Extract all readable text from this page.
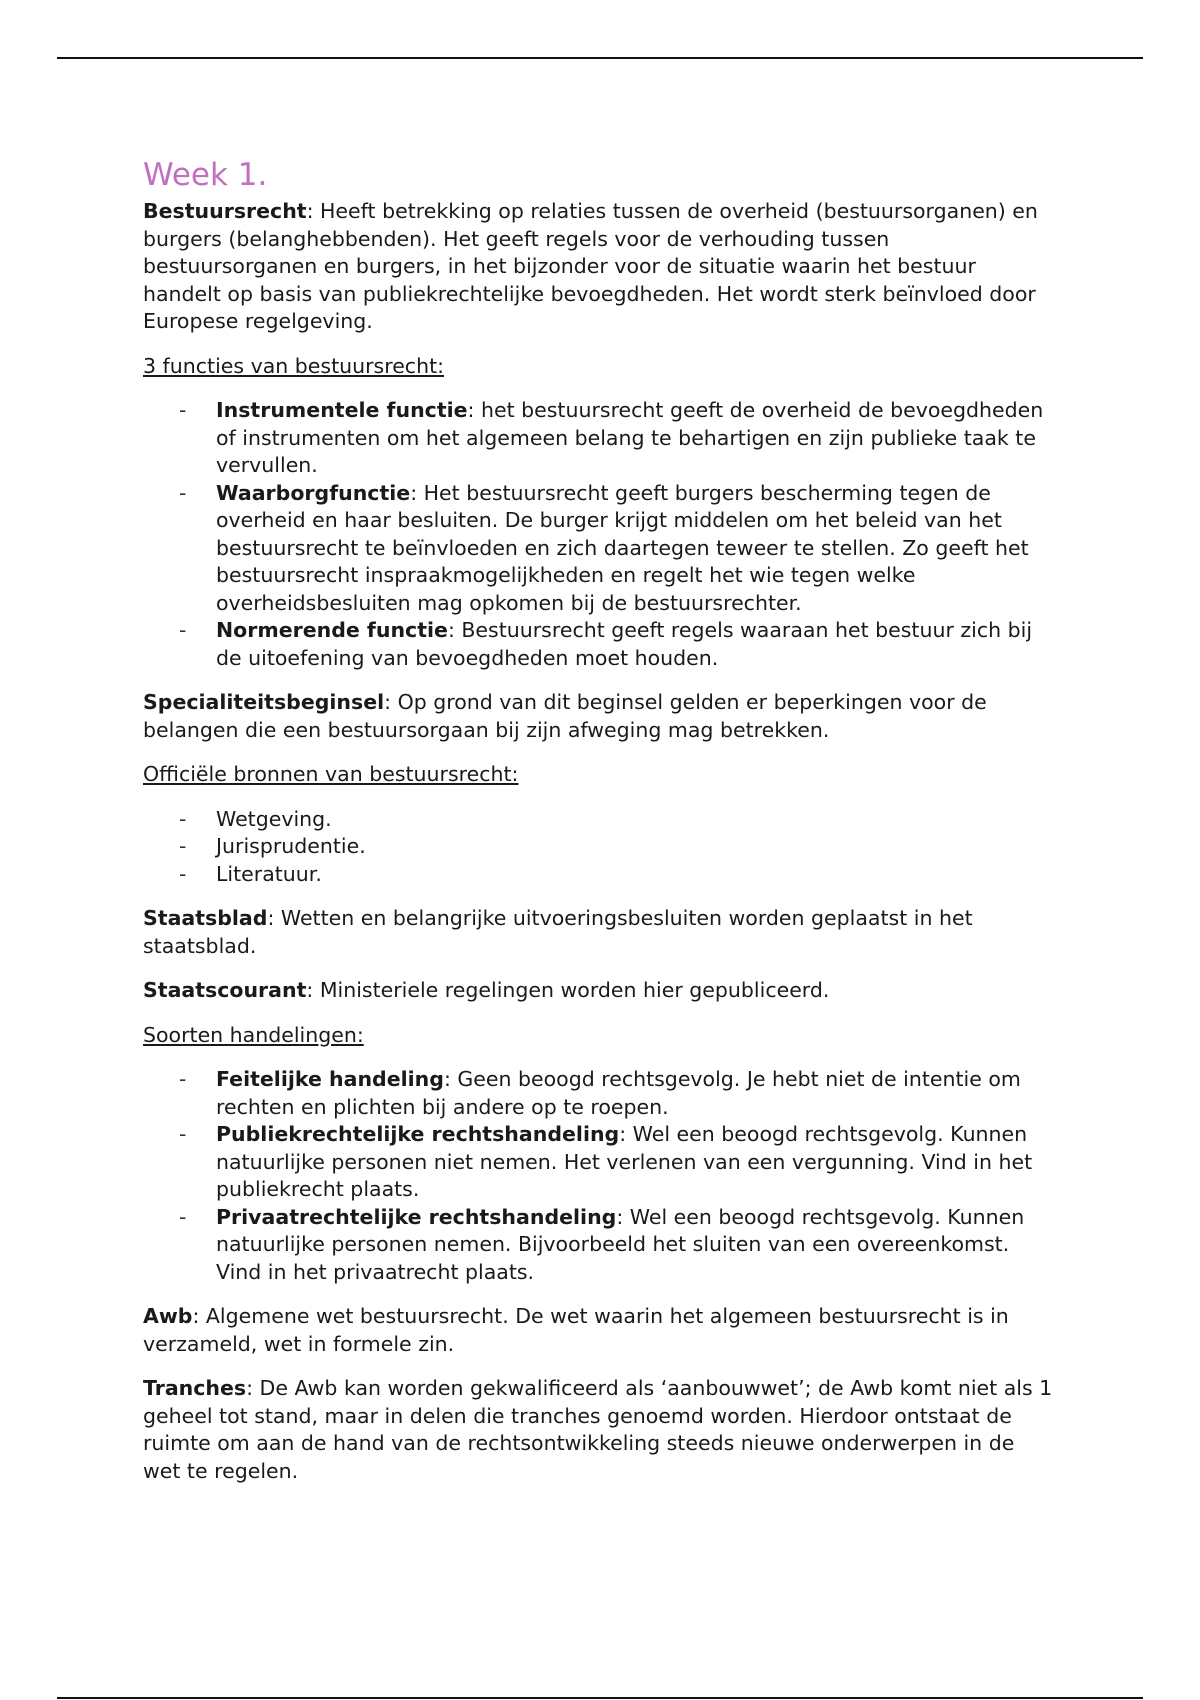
Week 1.

Bestuursrecht: Heeft betrekking op relaties tussen de overheid (bestuursorganen) en burgers (belanghebbenden). Het geeft regels voor de verhouding tussen bestuursorganen en burgers, in het bijzonder voor de situatie waarin het bestuur handelt op basis van publiekrechtelijke bevoegdheden. Het wordt sterk beïnvloed door Europese regelgeving.

3 functies van bestuursrecht:
- Instrumentele functie: het bestuursrecht geeft de overheid de bevoegdheden of instrumenten om het algemeen belang te behartigen en zijn publieke taak te vervullen.
- Waarborgfunctie: Het bestuursrecht geeft burgers bescherming tegen de overheid en haar besluiten. De burger krijgt middelen om het beleid van het bestuursrecht te beïnvloeden en zich daartegen teweer te stellen. Zo geeft het bestuursrecht inspraakmogelijkheden en regelt het wie tegen welke overheidsbesluiten mag opkomen bij de bestuursrechter.
- Normerende functie: Bestuursrecht geeft regels waaraan het bestuur zich bij de uitoefening van bevoegdheden moet houden.

Specialiteitsbeginsel: Op grond van dit beginsel gelden er beperkingen voor de belangen die een bestuursorgaan bij zijn afweging mag betrekken.

Officiële bronnen van bestuursrecht:
- Wetgeving.
- Jurisprudentie.
- Literatuur.

Staatsblad: Wetten en belangrijke uitvoeringsbesluiten worden geplaatst in het staatsblad.

Staatscourant: Ministeriele regelingen worden hier gepubliceerd.

Soorten handelingen:
- Feitelijke handeling: Geen beoogd rechtsgevolg. Je hebt niet de intentie om rechten en plichten bij andere op te roepen.
- Publiekrechtelijke rechtshandeling: Wel een beoogd rechtsgevolg. Kunnen natuurlijke personen niet nemen. Het verlenen van een vergunning. Vind in het publiekrecht plaats.
- Privaatrechtelijke rechtshandeling: Wel een beoogd rechtsgevolg. Kunnen natuurlijke personen nemen. Bijvoorbeeld het sluiten van een overeenkomst. Vind in het privaatrecht plaats.

Awb: Algemene wet bestuursrecht. De wet waarin het algemeen bestuursrecht is in verzameld, wet in formele zin.

Tranches: De Awb kan worden gekwalificeerd als ‘aanbouwwet’; de Awb komt niet als 1 geheel tot stand, maar in delen die tranches genoemd worden. Hierdoor ontstaat de ruimte om aan de hand van de rechtsontwikkeling steeds nieuwe onderwerpen in de wet te regelen.
